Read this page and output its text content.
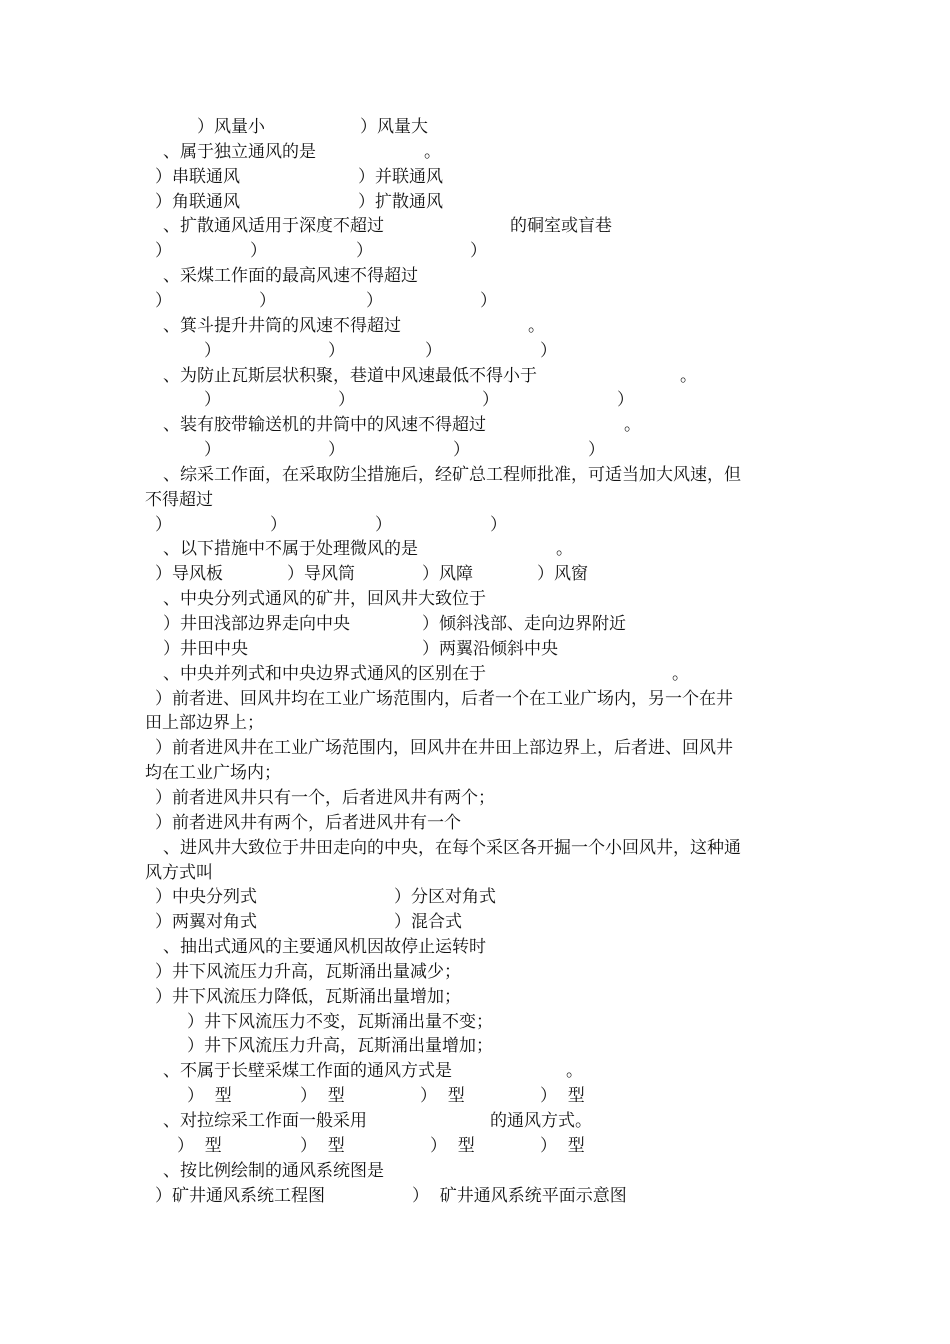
）风量小	）风量大
、属于独立通风的是	。
）串联通风	）并联通风
）角联通风	）扩散通风
、扩散通风适用于深度不超过	的硐室或盲巷
）	）	）	）
、采煤工作面的最高风速不得超过
）	）	）	）
、箕斗提升井筒的风速不得超过	。
）	）	）	）
、为防止瓦斯层状积聚，巷道中风速最低不得小于	。
）	）	）	）
、装有胶带输送机的井筒中的风速不得超过	。
）	）	）	）
、综采工作面，在采取防尘措施后，经矿总工程师批准，可适当加大风速，但
不得超过
）	）	）	）
、以下措施中不属于处理微风的是	。
）导风板	）导风筒	）风障	）风窗
、中央分列式通风的矿井，回风井大致位于
）井田浅部边界走向中央	）倾斜浅部、走向边界附近
）井田中央	）两翼沿倾斜中央
、中央并列式和中央边界式通风的区别在于	。
）前者进、回风井均在工业广场范围内，后者一个在工业广场内，另一个在井
田上部边界上；
）前者进风井在工业广场范围内，回风井在井田上部边界上，后者进、回风井
均在工业广场内；
）前者进风井只有一个，后者进风井有两个；
）前者进风井有两个，后者进风井有一个
、进风井大致位于井田走向的中央，在每个采区各开掘一个小回风井，这种通
风方式叫
）中央分列式	）分区对角式
）两翼对角式	）混合式
、抽出式通风的主要通风机因故停止运转时
）井下风流压力升高，瓦斯涌出量减少；
）井下风流压力降低，瓦斯涌出量增加；
）井下风流压力不变，瓦斯涌出量不变；
）井下风流压力升高，瓦斯涌出量增加；
、不属于长壁采煤工作面的通风方式是	。
）  型	）  型	）  型	）  型
、对拉综采工作面一般采用	的通风方式。
）  型	）  型	）  型	）  型
、按比例绘制的通风系统图是
）矿井通风系统工程图	）  矿井通风系统平面示意图
